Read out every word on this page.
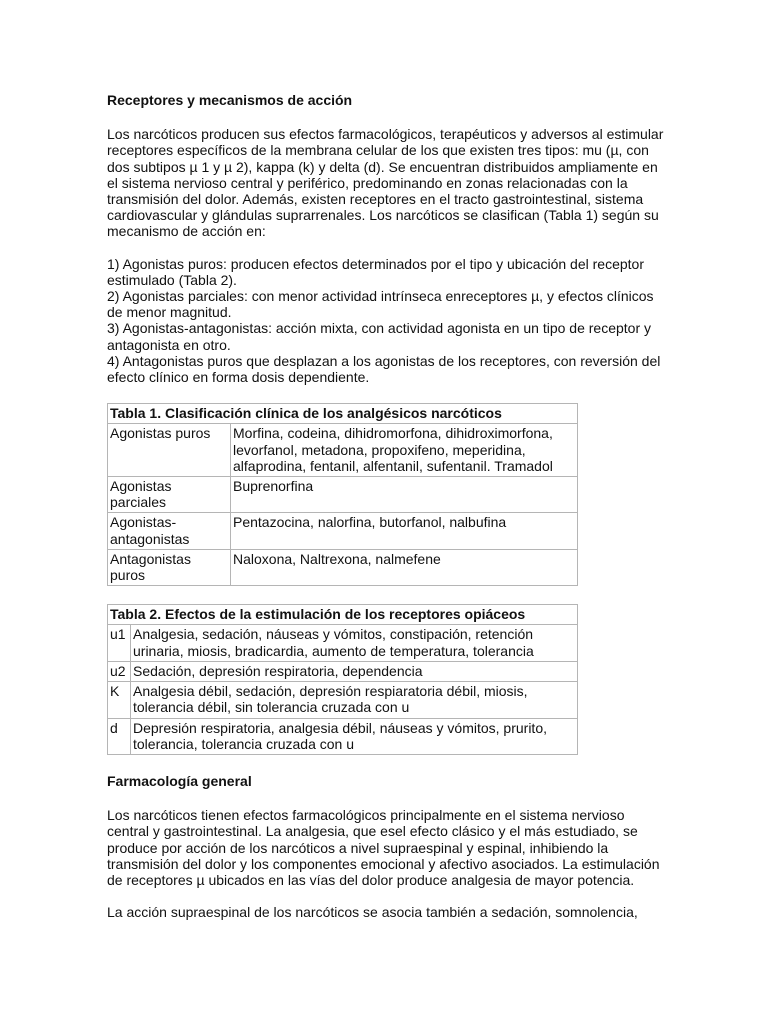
Receptores y mecanismos de acción

Los narcóticos producen sus efectos farmacológicos, terapéuticos y adversos al estimular receptores específicos de la membrana celular de los que existen tres tipos: mu (µ, con dos subtipos µ 1 y µ 2), kappa (k) y delta (d). Se encuentran distribuidos ampliamente en el sistema nervioso central y periférico, predominando en zonas relacionadas con la transmisión del dolor. Además, existen receptores en el tracto gastrointestinal, sistema cardiovascular y glándulas suprarrenales. Los narcóticos se clasifican (Tabla 1) según su mecanismo de acción en:

1) Agonistas puros: producen efectos determinados por el tipo y ubicación del receptor estimulado (Tabla 2).

2) Agonistas parciales: con menor actividad intrínseca enreceptores µ, y efectos clínicos de menor magnitud.

3) Agonistas-antagonistas: acción mixta, con actividad agonista en un tipo de receptor y antagonista en otro.

4) Antagonistas puros que desplazan a los agonistas de los receptores, con reversión del efecto clínico en forma dosis dependiente.

Tabla 1. Clasificación clínica de los analgésicos narcóticos	
Agonistas puros	Morfina, codeina, dihidromorfona, dihidroximorfona, levorfanol, metadona, propoxifeno, meperidina, alfaprodina, fentanil, alfentanil, sufentanil. Tramadol
Agonistas parciales	Buprenorfina
Agonistas-antagonistas	Pentazocina, nalorfina, butorfanol, nalbufina
Antagonistas puros	Naloxona, Naltrexona, nalmefene
Tabla 2. Efectos de la estimulación de los receptores opiáceos	
u1	Analgesia, sedación, náuseas y vómitos, constipación, retención urinaria, miosis, bradicardia, aumento de temperatura, tolerancia
u2	Sedación, depresión respiratoria, dependencia
K	Analgesia débil, sedación, depresión respiaratoria débil, miosis, tolerancia débil, sin tolerancia cruzada con u
d	Depresión respiratoria, analgesia débil, náuseas y vómitos, prurito, tolerancia, tolerancia cruzada con u
Farmacología general

Los narcóticos tienen efectos farmacológicos principalmente en el sistema nervioso central y gastrointestinal. La analgesia, que esel efecto clásico y el más estudiado, se produce por acción de los narcóticos a nivel supraespinal y espinal, inhibiendo la transmisión del dolor y los componentes emocional y afectivo asociados. La estimulación de receptores µ ubicados en las vías del dolor produce analgesia de mayor potencia.

La acción supraespinal de los narcóticos se asocia también a sedación, somnolencia,
